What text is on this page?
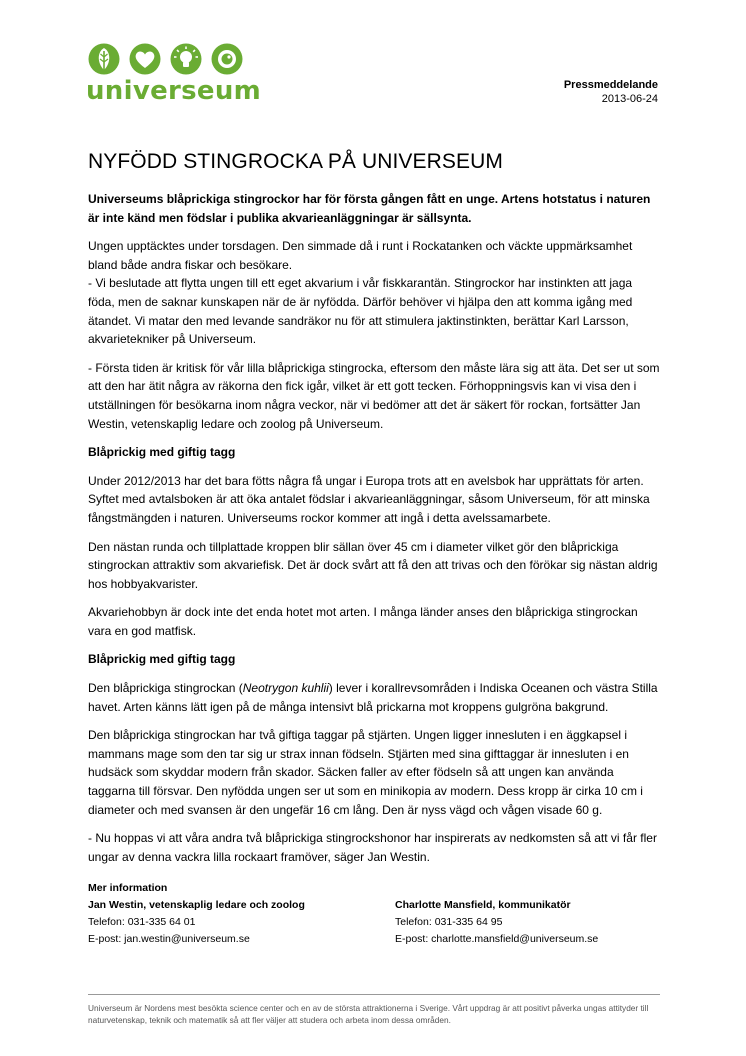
universeum	Pressmeddelande
2013-06-24
NYFÖDD STINGROCKA PÅ UNIVERSEUM

Universeums blåprickiga stingrockor har för första gången fått en unge. Artens hotstatus i naturen är inte känd men födslar i publika akvarieanläggningar är sällsynta.

Ungen upptäcktes under torsdagen. Den simmade då i runt i Rockatanken och väckte uppmärksamhet bland både andra fiskar och besökare.

- Vi beslutade att flytta ungen till ett eget akvarium i vår fiskkarantän. Stingrockor har instinkten att jaga föda, men de saknar kunskapen när de är nyfödda. Därför behöver vi hjälpa den att komma igång med ätandet. Vi matar den med levande sandräkor nu för att stimulera jaktinstinkten, berättar Karl Larsson, akvarietekniker på Universeum.

- Första tiden är kritisk för vår lilla blåprickiga stingrocka, eftersom den måste lära sig att äta. Det ser ut som att den har ätit några av räkorna den fick igår, vilket är ett gott tecken. Förhoppningsvis kan vi visa den i utställningen för besökarna inom några veckor, när vi bedömer att det är säkert för rockan, fortsätter Jan Westin, vetenskaplig ledare och zoolog på Universeum.

Blåprickig med giftig tagg

Under 2012/2013 har det bara fötts några få ungar i Europa trots att en avelsbok har upprättats för arten. Syftet med avtalsboken är att öka antalet födslar i akvarieanläggningar, såsom Universeum, för att minska fångstmängden i naturen. Universeums rockor kommer att ingå i detta avelssamarbete.

Den nästan runda och tillplattade kroppen blir sällan över 45 cm i diameter vilket gör den blåprickiga stingrockan attraktiv som akvariefisk. Det är dock svårt att få den att trivas och den förökar sig nästan aldrig hos hobbyakvarister.

Akvariehobbyn är dock inte det enda hotet mot arten. I många länder anses den blåprickiga stingrockan vara en god matfisk.

Blåprickig med giftig tagg

Den blåprickiga stingrockan (Neotrygon kuhlii) lever i korallrevsområden i Indiska Oceanen och västra Stilla havet. Arten känns lätt igen på de många intensivt blå prickarna mot kroppens gulgröna bakgrund.

Den blåprickiga stingrockan har två giftiga taggar på stjärten. Ungen ligger innesluten i en äggkapsel i mammans mage som den tar sig ur strax innan födseln. Stjärten med sina gifttaggar är innesluten i en hudsäck som skyddar modern från skador. Säcken faller av efter födseln så att ungen kan använda taggarna till försvar. Den nyfödda ungen ser ut som en minikopia av modern. Dess kropp är cirka 10 cm i diameter och med svansen är den ungefär 16 cm lång. Den är nyss vägd och vågen visade 60 g.

- Nu hoppas vi att våra andra två blåprickiga stingrockshonor har inspirerats av nedkomsten så att vi får fler ungar av denna vackra lilla rockaart framöver, säger Jan Westin.

Mer information
Jan Westin, vetenskaplig ledare och zoolog
Telefon: 031-335 64 01
E-post: jan.westin@universeum.se
Charlotte Mansfield, kommunikatör
Telefon: 031-335 64 95
E-post: charlotte.mansfield@universeum.se
Universeum är Nordens mest besökta science center och en av de största attraktionerna i Sverige. Vårt uppdrag är att positivt påverka ungas attityder till naturvetenskap, teknik och matematik så att fler väljer att studera och arbeta inom dessa områden.
